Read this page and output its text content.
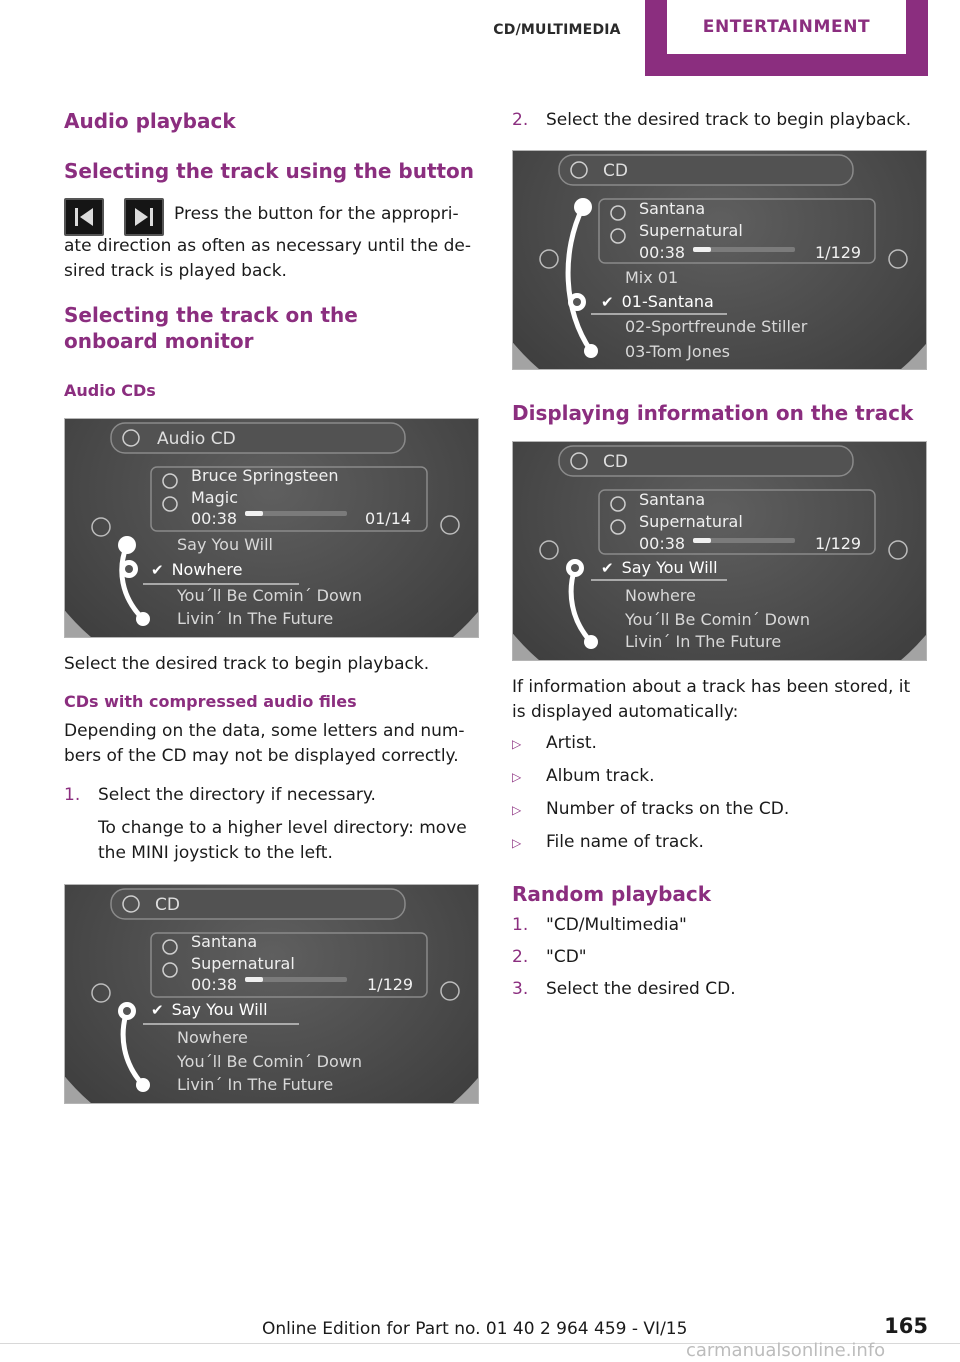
CD/MULTIMEDIA	ENTERTAINMENT
Audio playback
Selecting the track using the button
Press the button for the appropri‐
ate direction as often as necessary until the de‐
sired track is played back.
Selecting the track on the onboard monitor
Audio CDs
Audio CD
Bruce Springsteen
Magic
00:38	01/14
Say You Will
✔ Nowhere
You´ll Be Comin´ Down
Livin´ In The Future
Select the desired track to begin playback.
CDs with compressed audio files
Depending on the data, some letters and num‐bers of the CD may not be displayed correctly.
1.	Select the directory if necessary.
To change to a higher level directory: move the MINI joystick to the left.
CD
Santana
Supernatural
00:38	1/129
✔ Say You Will
Nowhere
You´ll Be Comin´ Down
Livin´ In The Future
2.	Select the desired track to begin playback.
CD
Santana
Supernatural
00:38	1/129
Mix 01
✔ 01-Santana
02-Sportfreunde Stiller
03-Tom Jones
Displaying information on the track
CD
Santana
Supernatural
00:38	1/129
✔ Say You Will
Nowhere
You´ll Be Comin´ Down
Livin´ In The Future
If information about a track has been stored, it is displayed automatically:
▷	Artist.
▷	Album track.
▷	Number of tracks on the CD.
▷	File name of track.
Random playback
1.	"CD/Multimedia"
2.	"CD"
3.	Select the desired CD.
165
Online Edition for Part no. 01 40 2 964 459 - VI/15
carmanualsonline.info
